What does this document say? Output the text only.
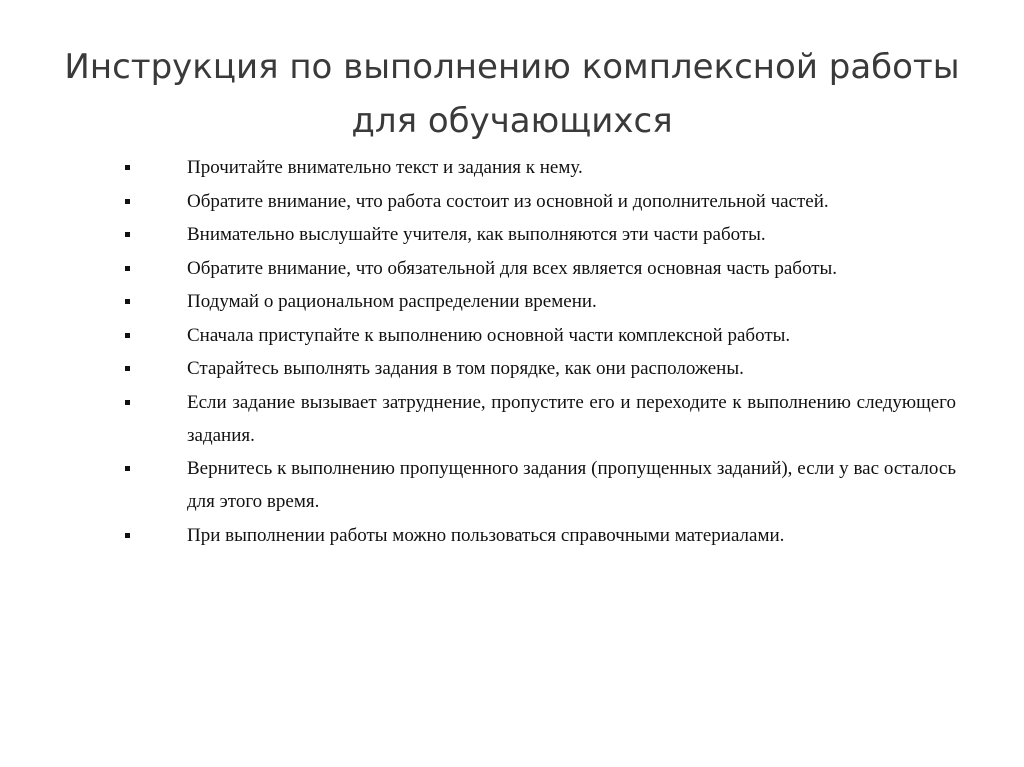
Инструкция по выполнению комплексной работы для обучающихся
Прочитайте внимательно текст и задания к нему.
Обратите внимание, что работа состоит из основной и дополнительной частей.
Внимательно выслушайте учителя, как выполняются эти части работы.
Обратите внимание, что обязательной для всех является основная часть работы.
Подумай о рациональном распределении времени.
Сначала приступайте к выполнению основной части комплексной работы.
Старайтесь выполнять задания в том порядке, как они расположены.
Если задание вызывает затруднение, пропустите его и переходите к выполнению следующего задания.
Вернитесь к выполнению пропущенного задания (пропущенных заданий), если у вас осталось для этого время.
При выполнении работы можно пользоваться справочными материалами.
